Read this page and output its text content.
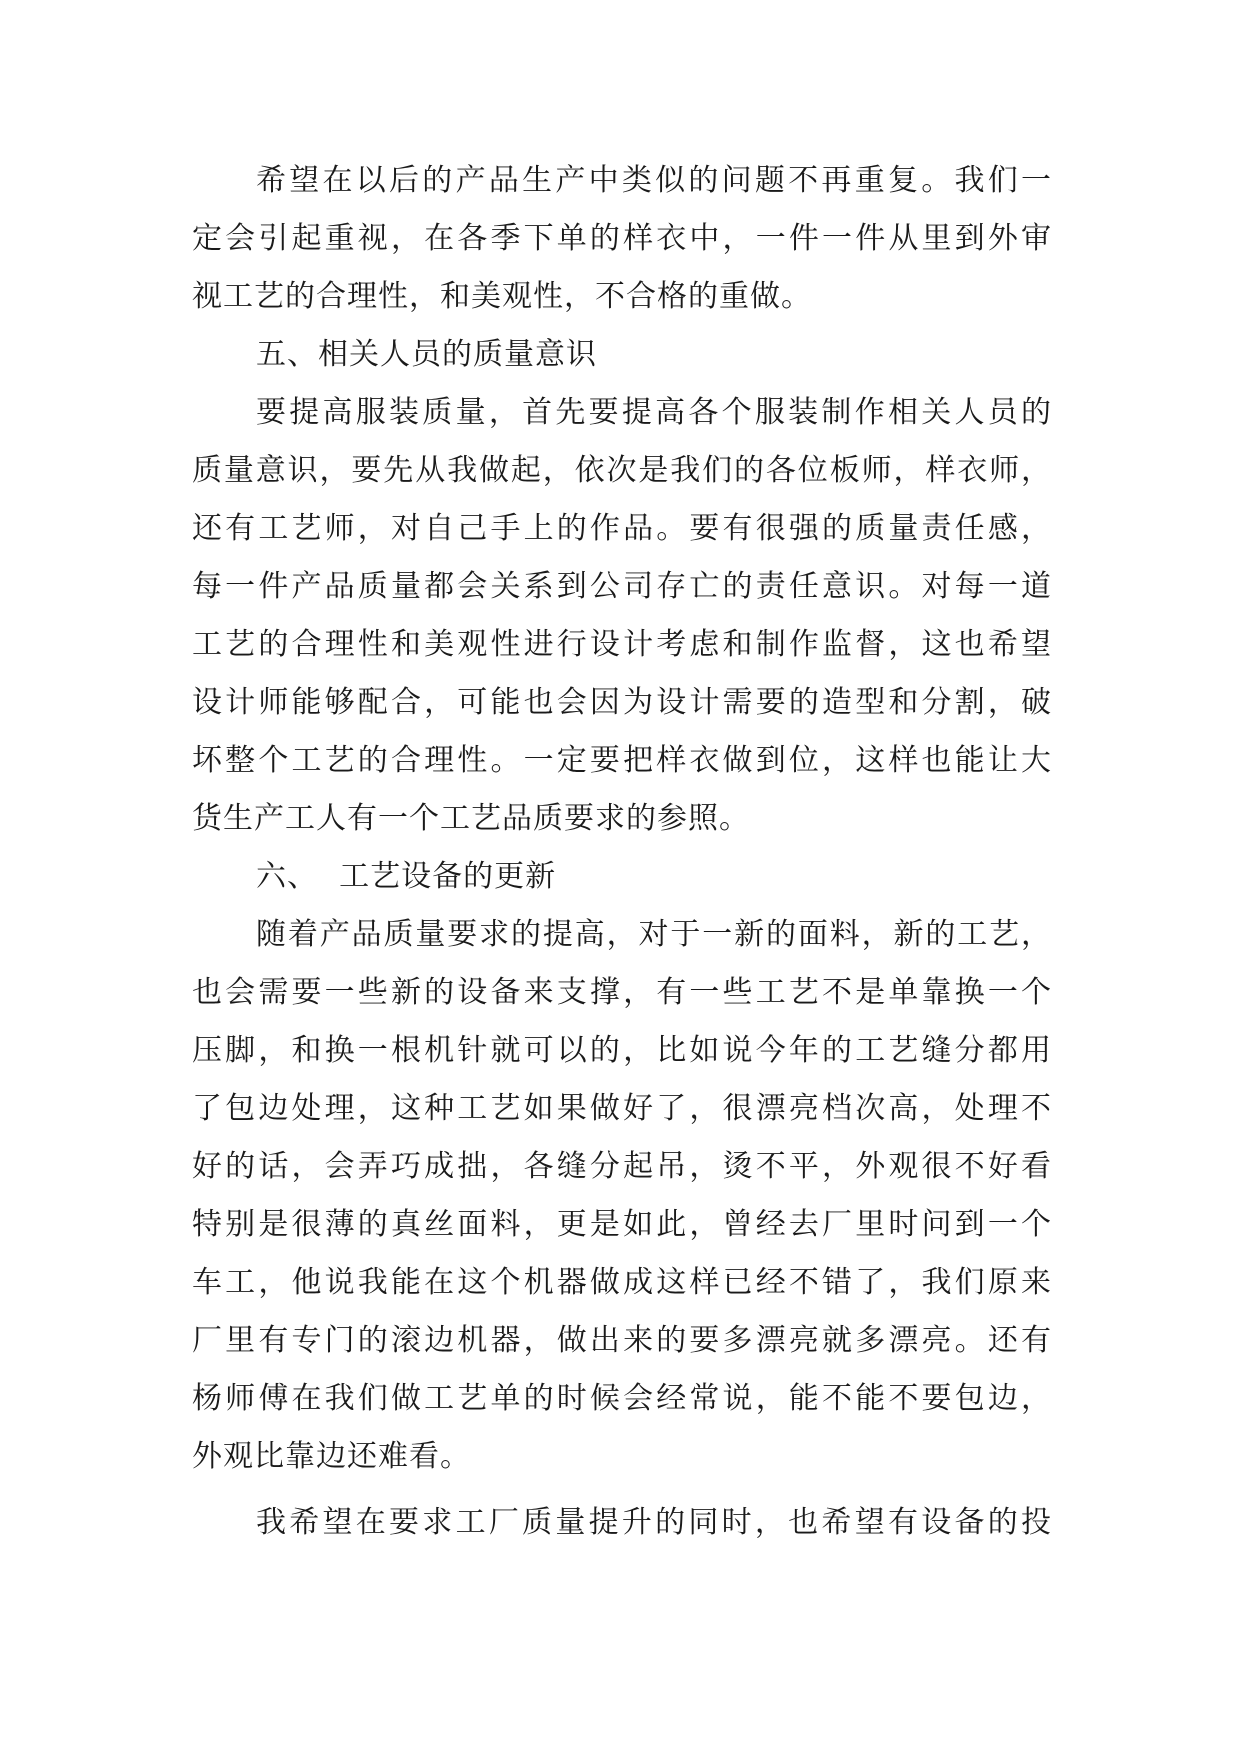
希望在以后的产品生产中类似的问题不再重复。我们一
定会引起重视，在各季下单的样衣中，一件一件从里到外审
视工艺的合理性，和美观性，不合格的重做。

五、相关人员的质量意识

要提高服装质量，首先要提高各个服装制作相关人员的
质量意识，要先从我做起，依次是我们的各位板师，样衣师，
还有工艺师，对自己手上的作品。要有很强的质量责任感，
每一件产品质量都会关系到公司存亡的责任意识。对每一道
工艺的合理性和美观性进行设计考虑和制作监督，这也希望
设计师能够配合，可能也会因为设计需要的造型和分割，破
坏整个工艺的合理性。一定要把样衣做到位，这样也能让大
货生产工人有一个工艺品质要求的参照。

六、  工艺设备的更新

随着产品质量要求的提高，对于一新的面料，新的工艺，
也会需要一些新的设备来支撑，有一些工艺不是单靠换一个
压脚，和换一根机针就可以的，比如说今年的工艺缝分都用
了包边处理，这种工艺如果做好了，很漂亮档次高，处理不
好的话，会弄巧成拙，各缝分起吊，烫不平，外观很不好看
特别是很薄的真丝面料，更是如此，曾经去厂里时问到一个
车工，他说我能在这个机器做成这样已经不错了，我们原来
厂里有专门的滚边机器，做出来的要多漂亮就多漂亮。还有
杨师傅在我们做工艺单的时候会经常说，能不能不要包边，
外观比靠边还难看。

我希望在要求工厂质量提升的同时，也希望有设备的投
